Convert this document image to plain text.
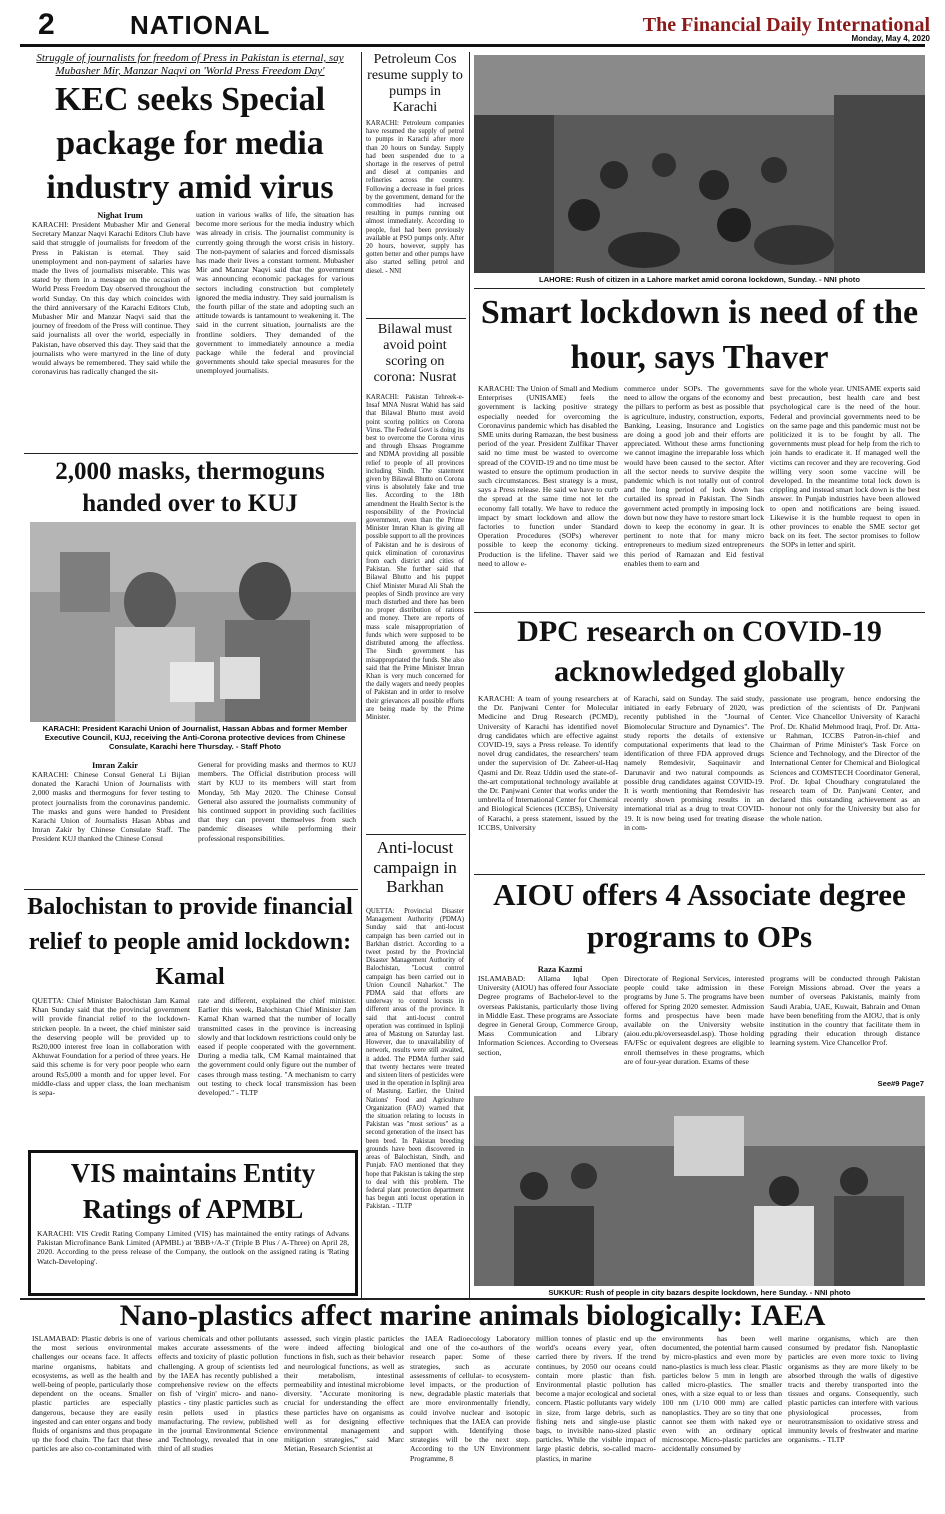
2	NATIONAL	The Financial Daily International
Monday, May 4, 2020
Struggle of journalists for freedom of Press in Pakistan is eternal, say Mubasher Mir, Manzar Naqvi on 'World Press Freedom Day'
KEC seeks Special package for media industry amid virus
Nighat Irum
KARACHI: President Mubasher Mir and General Secretary Manzar Naqvi Karachi Editors Club have said that struggle of journalists for freedom of the Press in Pakistan is eternal. They said unemployment and non-payment of salaries have made the lives of journalists miserable. This was stated by them in a message on the occasion of World Press Freedom Day observed throughout the world Sunday. On this day which coincides with the third anniversary of the Karachi Editors Club, Mubasher Mir and Manzar Naqvi said that the journey of freedom of the Press will continue. They said journalists all over the world, especially in Pakistan, have observed this day. They said that the journalists who were martyred in the line of duty would always be remembered. They said while the coronavirus has radically changed the sit-
uation in various walks of life, the situation has become more serious for the media industry which was already in crisis. The journalist community is currently going through the worst crisis in history. The non-payment of salaries and forced dismissals has made their lives a constant torment. Mubasher Mir and Manzar Naqvi said that the government was announcing economic packages for various sectors including construction but completely ignored the media industry. They said journalism is the fourth pillar of the state and adopting such an attitude towards is tantamount to weakening it. The said in the current situation, journalists are the frontline soldiers. They demanded of the government to immediately announce a media package while the federal and provincial governments should take special measures for the unemployed journalists.
Petroleum Cos resume supply to pumps in Karachi
KARACHI: Petroleum companies have resumed the supply of petrol to pumps in Karachi after more than 20 hours on Sunday. Supply had been suspended due to a shortage in the reserves of petrol and diesel at companies and refineries across the country. Following a decrease in fuel prices by the government, demand for the commodities had increased resulting in pumps running out almost immediately. According to people, fuel had been previously available at PSO pumps only. After 20 hours, however, supply has gotten better and other pumps have also started selling petrol and diesel. - NNI
Bilawal must avoid point scoring on corona: Nusrat
KARACHI: Pakistan Tehreek-e-Insaf MNA Nusrat Wahid has said that Bilawal Bhutto must avoid point scoring politics on Corona Virus. The Federal Govt is doing its best to overcome the Corona virus and through Ehsaas Programme and NDMA providing all possible relief to people of all provinces including Sindh. The statement given by Bilawal Bhutto on Corona virus is absolutely fake and true lies. According to the 18th amendment the Health Sector is the responsibility of the Provincial government, even than the Prime Minister Imran Khan is giving all possible support to all the provinces of Pakistan and he is desirous of quick elimination of coronavirus from each district and cities of Pakistan. She further said that Bilawal Bhutto and his puppet Chief Minister Murad Ali Shah the peoples of Sindh province are very much disturbed and there has been no proper distribution of rations and money. There are reports of mass scale misappropriation of funds which were supposed to be distributed among the affectless. The Sindh government has misappropriated the funds. She also said that the Prime Minister Imran Khan is very much concerned for the daily wagers and needy peoples of Pakistan and in order to resolve their grievances all possible efforts are being made by the Prime Minister.
Anti-locust campaign in Barkhan
QUETTA: Provincial Disaster Management Authority (PDMA) Sunday said that anti-locust campaign has been carried out in Barkhan district. According to a tweet posted by the Provincial Disaster Management Authority of Balochistan, "Locust control campaign has been carried out in Union Council Naharkot." The PDMA said that efforts are underway to control locusts in different areas of the province. It said that anti-locust control operation was continued in Isplinji area of Mastung on Saturday last. However, due to unavailability of network, results were still awaited, it added. The PDMA further said that twenty hectares were treated and sixteen liters of pesticides were used in the operation in Isplinji area of Mastung. Earlier, the United Nations' Food and Agriculture Organization (FAO) warned that the situation relating to locusts in Pakistan was "most serious" as a second generation of the insect has been bred. In Pakistan breeding grounds have been discovered in areas of Balochistan, Sindh, and Punjab. FAO mentioned that they hope that Pakistan is taking the step to deal with this problem. The federal plant protection department has begun anti locust operation in Pakistan. - TLTP
LAHORE: Rush of citizen in a Lahore market amid corona lockdown, Sunday. - NNI photo
Smart lockdown is need of the hour, says Thaver
KARACHI: The Union of Small and Medium Enterprises (UNISAME) feels the government is lacking positive strategy especially needed for overcoming the Coronavirus pandemic which has disabled the SME units during Ramazan, the best business period of the year. President Zulfikar Thaver said no time must be wasted to overcome spread of the COVID-19 and no time must be wasted to ensure the optimum production in such circumstances. Best strategy is a must, says a Press release. He said we have to curb the spread at the same time not let the economy fall totally. We have to reduce the impact by smart lockdown and allow the factories to function under Standard Operation Procedures (SOPs) wherever possible to keep the economy ticking. Production is the lifeline. Thaver said we need to allow e-
commerce under SOPs. The governments need to allow the organs of the economy and the pillars to perform as best as possible that is agriculture, industry, construction, exports, Banking, Leasing, Insurance and Logistics are doing a good job and their efforts are appreciated. Without these arms functioning we cannot imagine the irreparable loss which would have been caused to the sector. After all the sector needs to survive despite the pandemic which is not totally out of control and the long period of lock down has curtailed its spread in Pakistan. The Sindh government acted promptly in imposing lock down but now they have to restore smart lock down to keep the economy in gear. It is pertinent to note that for many micro entrepreneurs to medium sized entrepreneurs this period of Ramazan and Eid festival enables them to earn and
save for the whole year. UNISAME experts said best precaution, best health care and best psychological care is the need of the hour. Federal and provincial governments need to be on the same page and this pandemic must not be politicized it is to be fought by all. The governments must plead for help from the rich to join hands to eradicate it. If managed well the victims can recover and they are recovering. God willing very soon some vaccine will be developed. In the meantime total lock down is crippling and instead smart lock down is the best answer. In Punjab industries have been allowed to open and notifications are being issued. Likewise it is the humble request to open in other provinces to enable the SME sector get back on its feet. The sector promises to follow the SOPs in letter and spirit.
2,000 masks, thermoguns handed over to KUJ
KARACHI: President Karachi Union of Journalist, Hassan Abbas and former Member Executive Council, KUJ, receiving the Anti-Corona protective devices from Chinese Consulate, Karachi here Thursday. - Staff Photo
Imran Zakir
KARACHI: Chinese Consul General Li Bijian donated the Karachi Union of Journalists with 2,000 masks and thermoguns for fever testing to protect journalists from the coronavirus pandemic. The masks and guns were handed to President Karachi Union of Journalists Hasan Abbas and Imran Zakir by Chinese Consulate Staff. The President KUJ thanked the Chinese Consul
General for providing masks and thermos to KUJ members. The Official distribution process will start by KUJ to its members will start from Monday, 5th May 2020. The Chinese Consul General also assured the journalists community of his continued support in providing such facilities that they can prevent themselves from such pandemic diseases while performing their professional responsibilities.
DPC research on COVID-19 acknowledged globally
KARACHI: A team of young researchers at the Dr. Panjwani Center for Molecular Medicine and Drug Research (PCMD), University of Karachi has identified novel drug candidates which are effective against COVID-19, says a Press release. To identify novel drug candidates, the researchers' team under the supervision of Dr. Zaheer-ul-Haq Qasmi and Dr. Reaz Uddin used the state-of-the-art computational technology available at the Dr. Panjwani Center that works under the umbrella of International Center for Chemical and Biological Sciences (ICCBS), University of Karachi, a press statement, issued by the ICCBS, University
of Karachi, said on Sunday. The said study, initiated in early February of 2020, was recently published in the "Journal of Biomolecular Structure and Dynamics". The study reports the details of extensive computational experiments that lead to the identification of three FDA approved drugs namely Remdesivir, Saquinavir and Darunavir and two natural compounds as possible drug candidates against COVID-19. It is worth mentioning that Remdesivir has recently shown promising results in an international trial as a drug to treat COVID-19. It is now being used for treating disease in com-
passionate use program, hence endorsing the prediction of the scientists of Dr. Panjwani Center. Vice Chancellor University of Karachi Prof. Dr. Khalid Mehmood Iraqi, Prof. Dr. Atta-ur Rahman, ICCBS Patron-in-chief and Chairman of Prime Minister's Task Force on Science and Technology, and the Director of the International Center for Chemical and Biological Sciences and COMSTECH Coordinator General, Prof. Dr. Iqbal Choudhary congratulated the research team of Dr. Panjwani Center, and declared this outstanding achievement as an honour not only for the University but also for the whole nation.
Balochistan to provide financial relief to people amid lockdown: Kamal
QUETTA: Chief Minister Balochistan Jam Kamal Khan Sunday said that the provincial government will provide financial relief to the lockdown-stricken people. In a tweet, the chief minister said the deserving people will be provided up to Rs20,000 interest free loan in collaboration with Akhuwat Foundation for a period of three years. He said this scheme is for very poor people who earn around Rs5,000 a month and for upper level. For middle-class and upper class, the loan mechanism is sepa-
rate and different, explained the chief minister. Earlier this week, Balochistan Chief Minister Jam Kamal Khan warned that the number of locally transmitted cases in the province is increasing slowly and that lockdown restrictions could only be eased if people cooperated with the government. During a media talk, CM Kamal maintained that the government could only figure out the number of cases through mass testing. "A mechanism to carry out testing to check local transmission has been developed." - TLTP
AIOU offers 4 Associate degree programs to OPs
Raza Kazmi
ISLAMABAD: Allama Iqbal Open University (AIOU) has offered four Associate Degree programs of Bachelor-level to the overseas Pakistanis, particularly those living in Middle East. These programs are Associate degree in General Group, Commerce Group, Mass Communication and Library Information Sciences. According to Overseas section,
Directorate of Regional Services, interested people could take admission in these programs by June 5. The programs have been offered for Spring 2020 semester. Admission forms and prospectus have been made available on the University website (aiou.edu.pk/overseasdel.asp). Those holding FA/FSc or equivalent degrees are eligible to enroll themselves in these programs, which are of four-year duration. Exams of these
programs will be conducted through Pakistan Foreign Missions abroad. Over the years a number of overseas Pakistanis, mainly from Saudi Arabia, UAE, Kuwait, Bahrain and Oman have been benefiting from the AIOU, that is only institution in the country that facilitate them in pgrading their education through distance learning system. Vice Chancellor Prof.
See#9 Page7
VIS maintains Entity Ratings of APMBL
KARACHI: VIS Credit Rating Company Limited (VIS) has maintained the entity ratings of Advans Pakistan Microfinance Bank Limited (APMBL) at 'BBB+/A-3' (Triple B Plus / A-Three) on April 28, 2020. According to the press release of the Company, the outlook on the assigned rating is 'Rating Watch-Developing'.
SUKKUR: Rush of people in city bazars despite lockdown, here Sunday. - NNI photo
Nano-plastics affect marine animals biologically: IAEA
ISLAMABAD: Plastic debris is one of the most serious environmental challenges our oceans face. It affects marine organisms, habitats and ecosystems, as well as the health and well-being of people, particularly those dependent on the oceans. Smaller plastic particles are especially dangerous, because they are easily ingested and can enter organs and body fluids of organisms and thus propagate up the food chain. The fact that these particles are also co-contaminated with
various chemicals and other pollutants makes accurate assessments of the effects and toxicity of plastic pollution challenging. A group of scientists led by the IAEA has recently published a comprehensive review on the effects on fish of 'virgin' micro- and nano-plastics - tiny plastic particles such as resin pellets used in plastics manufacturing. The review, published in the journal Environmental Science and Technology, revealed that in one third of all studies
assessed, such virgin plastic particles were indeed affecting biological functions in fish, such as their behavior and neurological functions, as well as their metabolism, intestinal permeability and intestinal microbiome diversity. "Accurate monitoring is crucial for understanding the effect these particles have on organisms as well as for designing effective environmental management and mitigation strategies," said Marc Metian, Research Scientist at
the IAEA Radioecology Laboratory and one of the co-authors of the research paper. Some of these strategies, such as accurate assessments of cellular- to ecosystem-level impacts, or the production of new, degradable plastic materials that are more environmentally friendly, could involve nuclear and isotopic techniques that the IAEA can provide support with. Identifying those strategies will be the next step. According to the UN Environment Programme, 8
million tonnes of plastic end up the world's oceans every year, often carried there by rivers. If the trend continues, by 2050 our oceans could contain more plastic than fish. Environmental plastic pollution has become a major ecological and societal concern. Plastic pollutants vary widely in size, from large debris, such as fishing nets and single-use plastic bags, to invisible nano-sized plastic particles. While the visible impact of large plastic debris, so-called macro-plastics, in marine
environments has been well documented, the potential harm caused by micro-plastics and even more by nano-plastics is much less clear. Plastic particles below 5 mm in length are called micro-plastics. The smaller ones, with a size equal to or less than 100 nm (1/10 000 mm) are called nanoplastics. They are so tiny that one cannot see them with naked eye or even with an ordinary optical microscope. Micro-plastic particles are accidentally consumed by
marine organisms, which are then consumed by predator fish. Nanoplastic particles are even more toxic to living organisms as they are more likely to be absorbed through the walls of digestive tracts and thereby transported into the tissues and organs. Consequently, such plastic particles can interfere with various physiological processes, from neurotransmission to oxidative stress and immunity levels of freshwater and marine organisms. - TLTP
